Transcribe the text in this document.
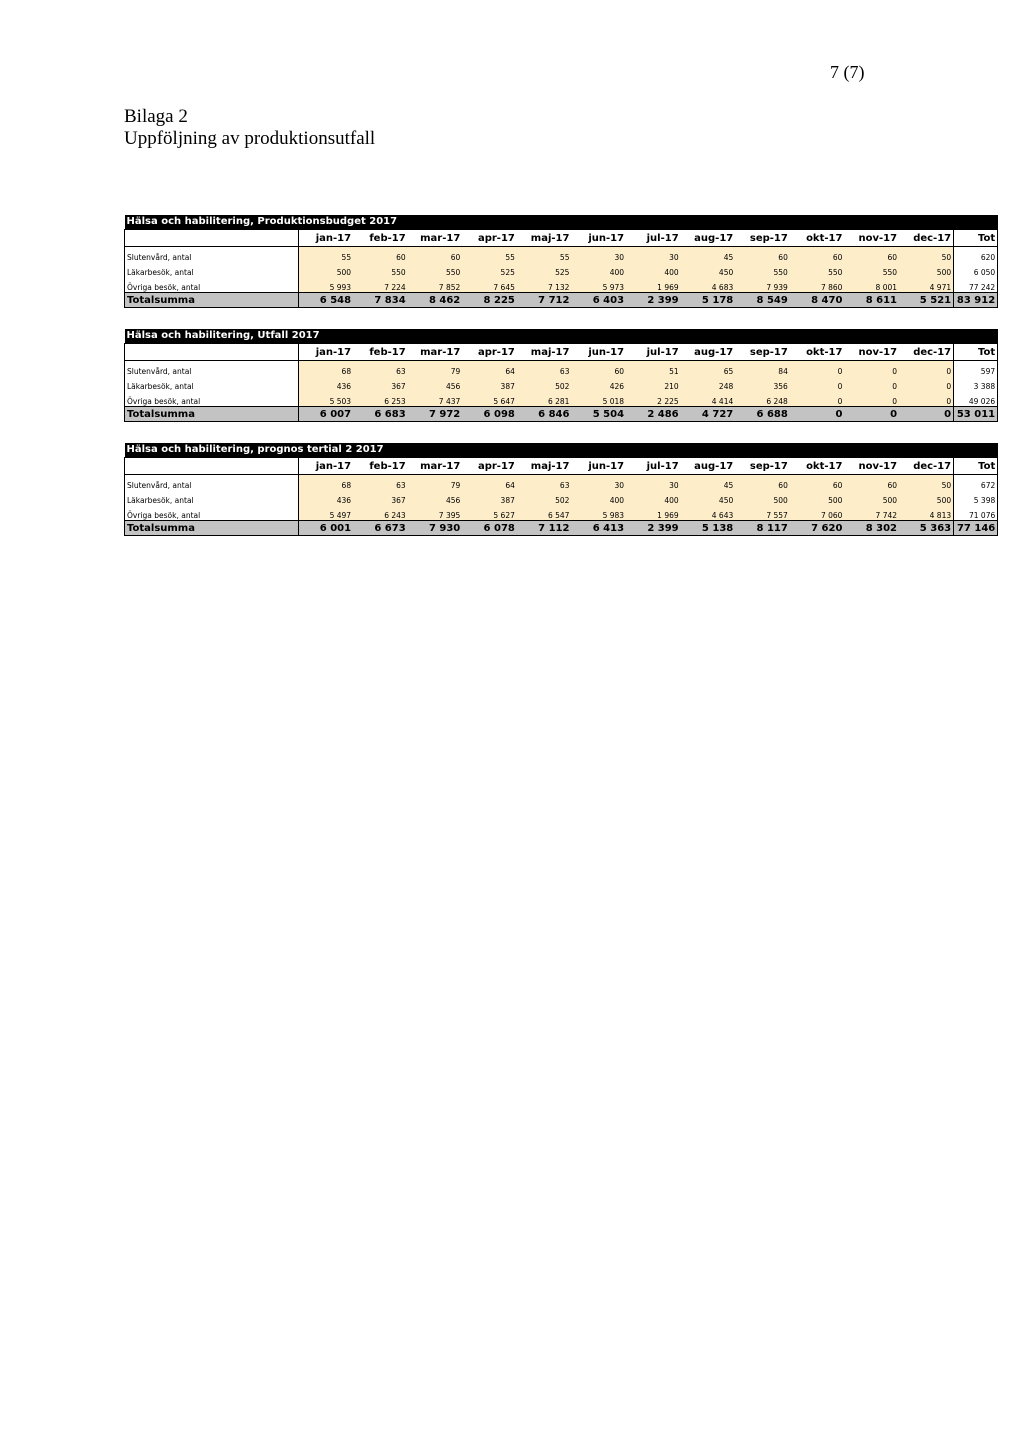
7 (7)
Bilaga 2
Uppföljning av produktionsutfall
Hälsa och habilitering, Produktionsbudget 2017													
	jan-17	feb-17	mar-17	apr-17	maj-17	jun-17	jul-17	aug-17	sep-17	okt-17	nov-17	dec-17	Tot
Slutenvård, antal	55	60	60	55	55	30	30	45	60	60	60	50	620
Läkarbesök, antal	500	550	550	525	525	400	400	450	550	550	550	500	6 050
Övriga besök, antal	5 993	7 224	7 852	7 645	7 132	5 973	1 969	4 683	7 939	7 860	8 001	4 971	77 242
Totalsumma	6 548	7 834	8 462	8 225	7 712	6 403	2 399	5 178	8 549	8 470	8 611	5 521	83 912
Hälsa och habilitering, Utfall 2017													
	jan-17	feb-17	mar-17	apr-17	maj-17	jun-17	jul-17	aug-17	sep-17	okt-17	nov-17	dec-17	Tot
Slutenvård, antal	68	63	79	64	63	60	51	65	84	0	0	0	597
Läkarbesök, antal	436	367	456	387	502	426	210	248	356	0	0	0	3 388
Övriga besök, antal	5 503	6 253	7 437	5 647	6 281	5 018	2 225	4 414	6 248	0	0	0	49 026
Totalsumma	6 007	6 683	7 972	6 098	6 846	5 504	2 486	4 727	6 688	0	0	0	53 011
Hälsa och habilitering, prognos tertial 2 2017													
	jan-17	feb-17	mar-17	apr-17	maj-17	jun-17	jul-17	aug-17	sep-17	okt-17	nov-17	dec-17	Tot
Slutenvård, antal	68	63	79	64	63	30	30	45	60	60	60	50	672
Läkarbesök, antal	436	367	456	387	502	400	400	450	500	500	500	500	5 398
Övriga besök, antal	5 497	6 243	7 395	5 627	6 547	5 983	1 969	4 643	7 557	7 060	7 742	4 813	71 076
Totalsumma	6 001	6 673	7 930	6 078	7 112	6 413	2 399	5 138	8 117	7 620	8 302	5 363	77 146
